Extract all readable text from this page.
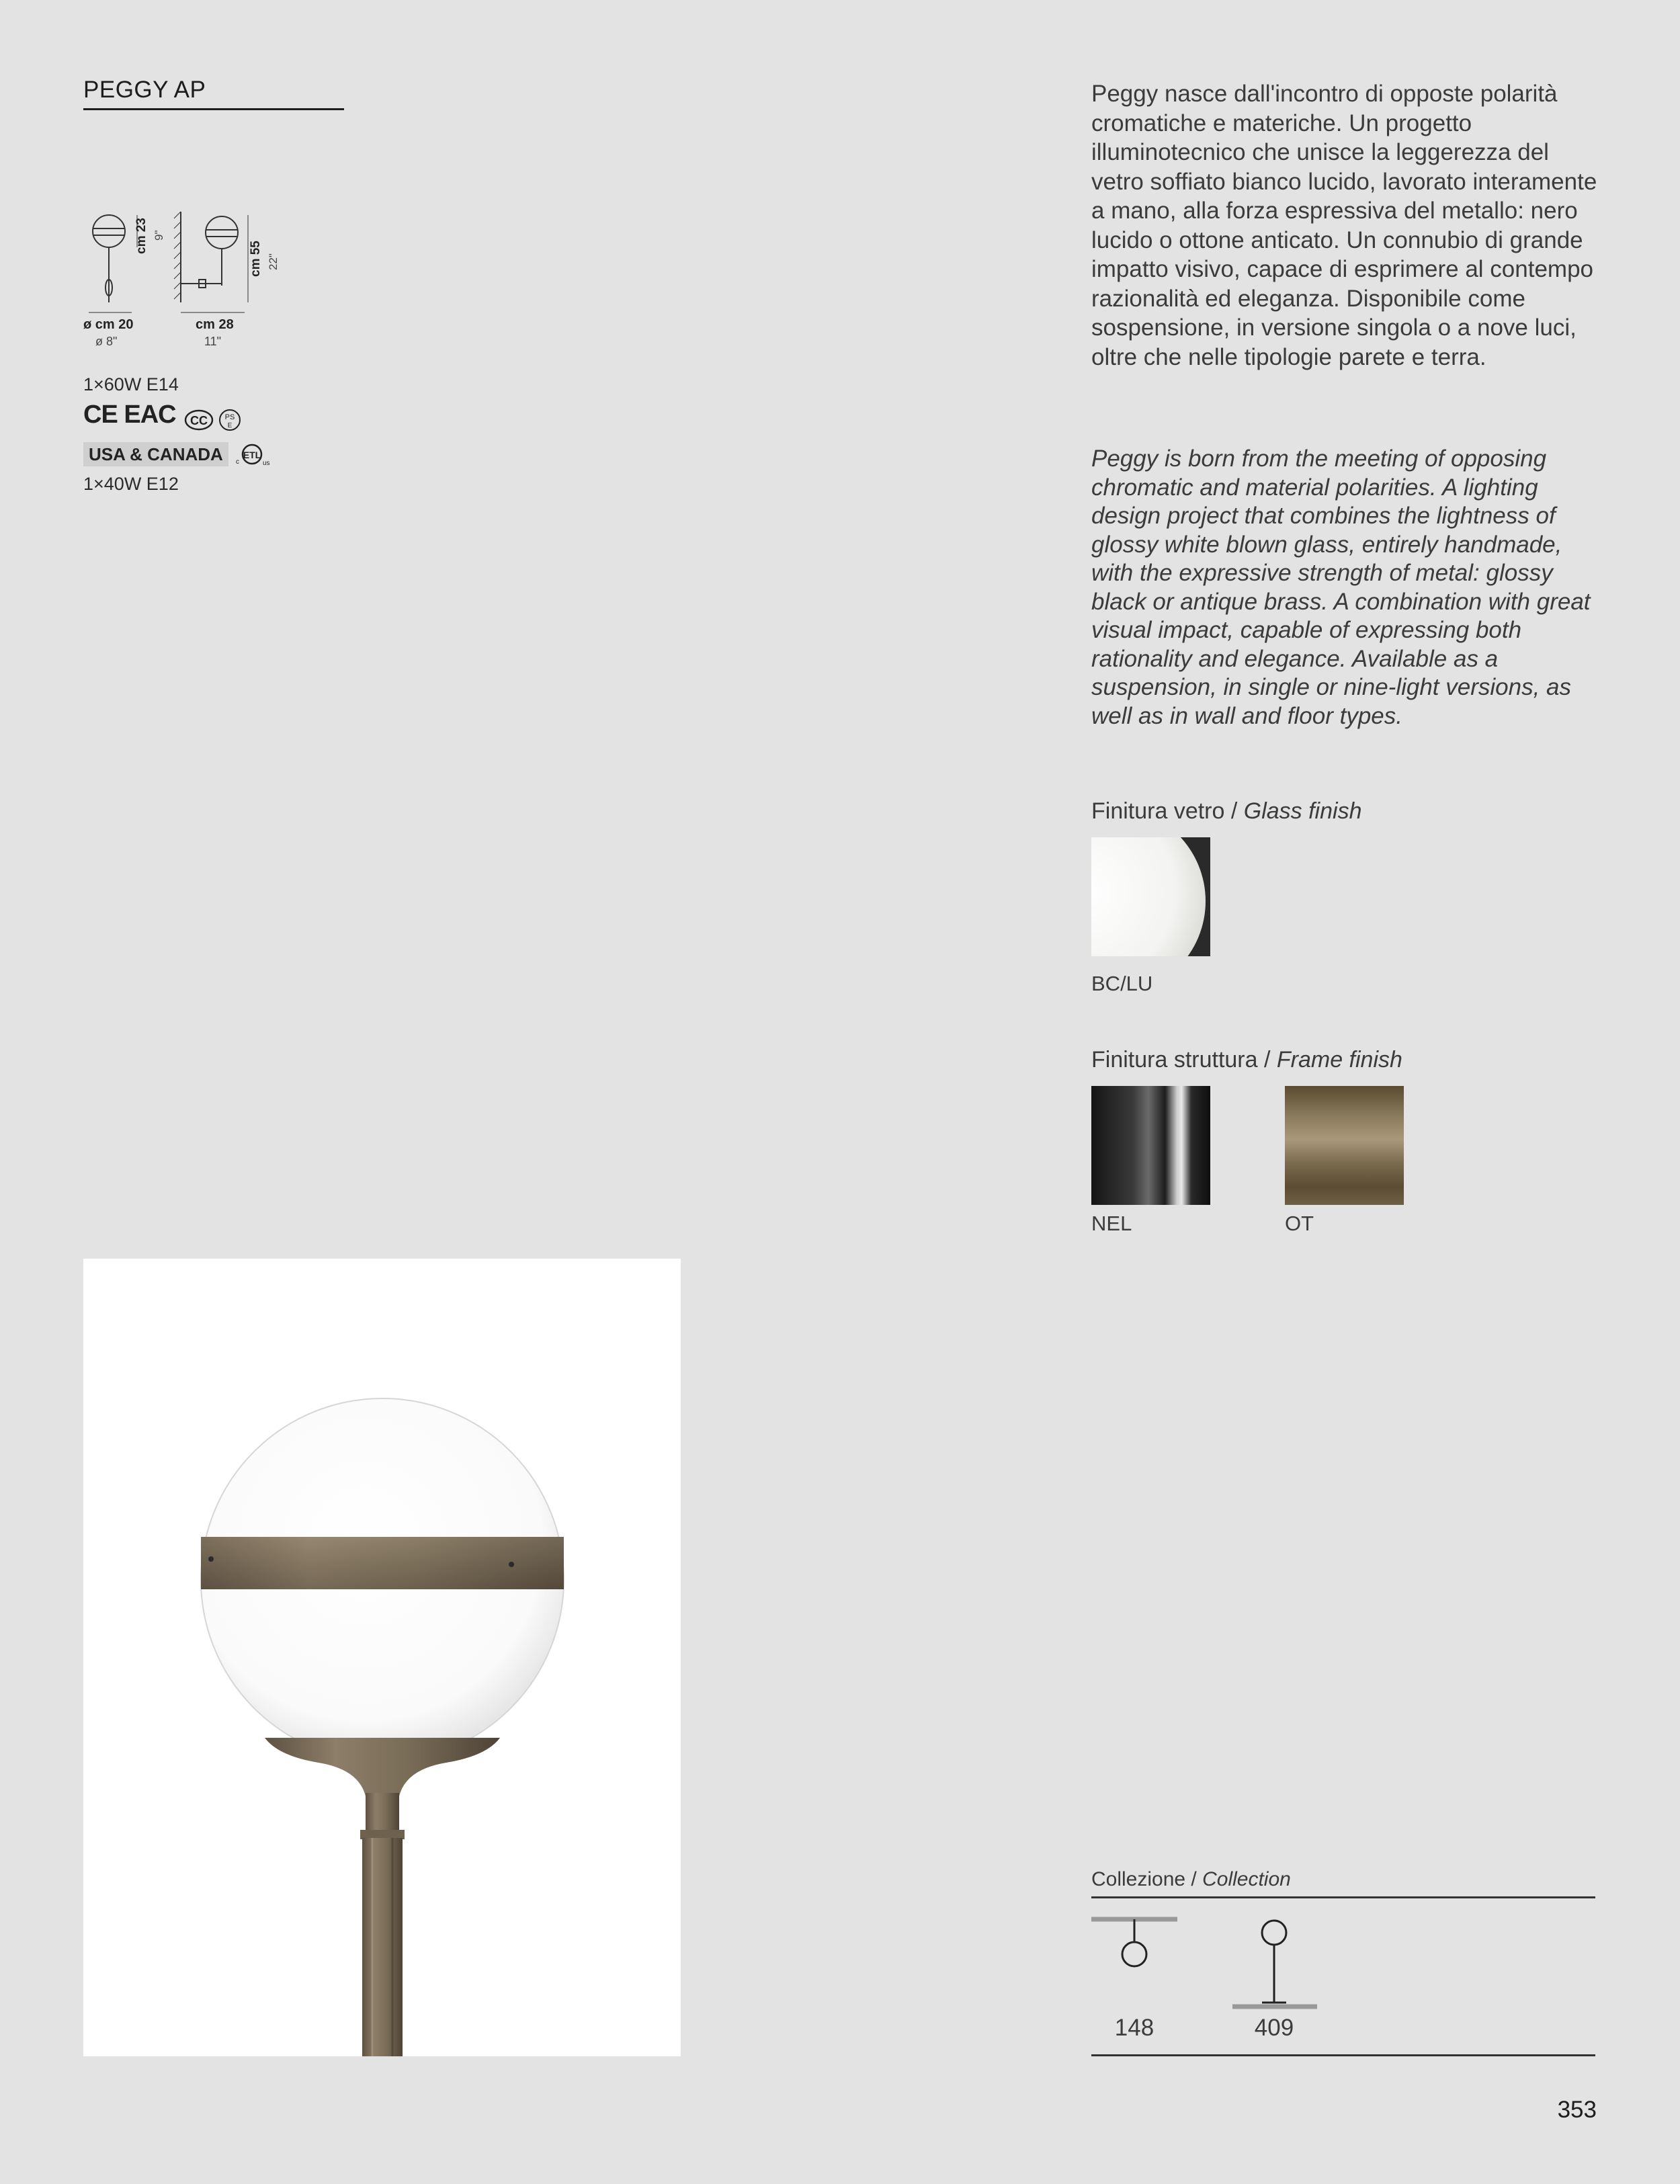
PEGGY AP
cm 23 9"
cm 55 22"
ø cm 20
ø 8"
cm 28
11"
1×60W E14
CE EAC CC PS
E
USA & CANADA	ETL
c	us
1×40W E12
Peggy nasce dall'incontro di opposte polarità cromatiche e materiche. Un progetto illuminotecnico che unisce la leggerezza del vetro soffiato bianco lucido, lavorato interamente a mano, alla forza espressiva del metallo: nero lucido o ottone anticato. Un connubio di grande impatto visivo, capace di esprimere al contempo razionalità ed eleganza. Disponibile come sospensione, in versione singola o a nove luci, oltre che nelle tipologie parete e terra.
Peggy is born from the meeting of opposing chromatic and material polarities. A lighting design project that combines the lightness of glossy white blown glass, entirely handmade, with the expressive strength of metal: glossy black or antique brass. A combination with great visual impact, capable of expressing both rationality and elegance. Available as a suspension, in single or nine-light versions, as well as in wall and floor types.
Finitura vetro / Glass finish
BC/LU
Finitura struttura / Frame finish
NEL	OT
Collezione / Collection
148	409
353
